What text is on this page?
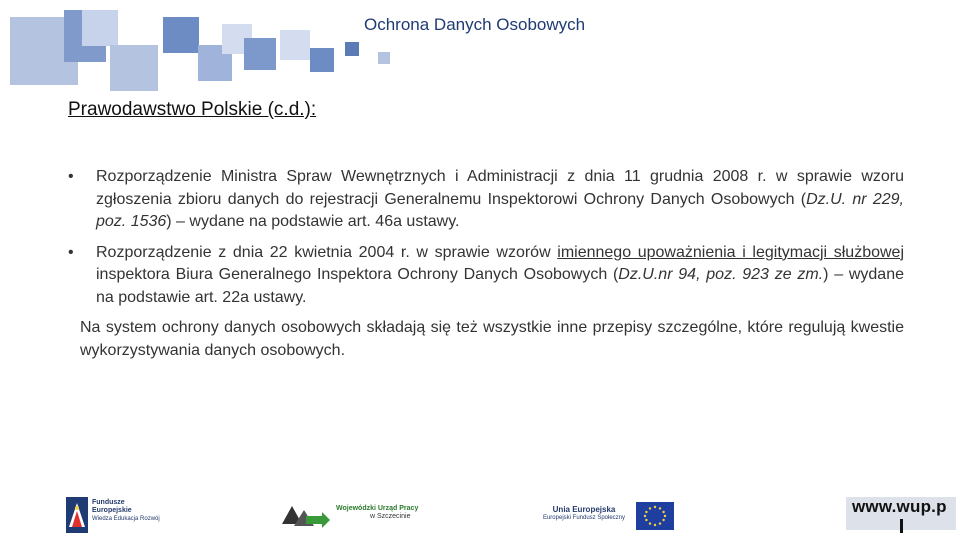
Ochrona Danych Osobowych
Prawodawstwo Polskie (c.d.):
•	Rozporządzenie Ministra Spraw Wewnętrznych i Administracji z dnia 11 grudnia 2008 r. w sprawie wzoru zgłoszenia zbioru danych do rejestracji Generalnemu Inspektorowi Ochrony Danych Osobowych (Dz.U. nr 229, poz. 1536) – wydane na podstawie art. 46a ustawy.
•	Rozporządzenie z dnia 22 kwietnia 2004 r. w sprawie wzorów imiennego upoważnienia i legitymacji służbowej inspektora Biura Generalnego Inspektora Ochrony Danych Osobowych (Dz.U.nr 94, poz. 923 ze zm.) – wydane na podstawie art. 22a ustawy.
Na system ochrony danych osobowych składają się też wszystkie inne przepisy szczególne, które regulują kwestie wykorzystywania danych osobowych.
Fundusze
Europejskie
Wiedza Edukacja Rozwój
Wojewódzki Urząd Pracy
w Szczecinie
Unia Europejska
Europejski Fundusz Społeczny
www.wup.p
